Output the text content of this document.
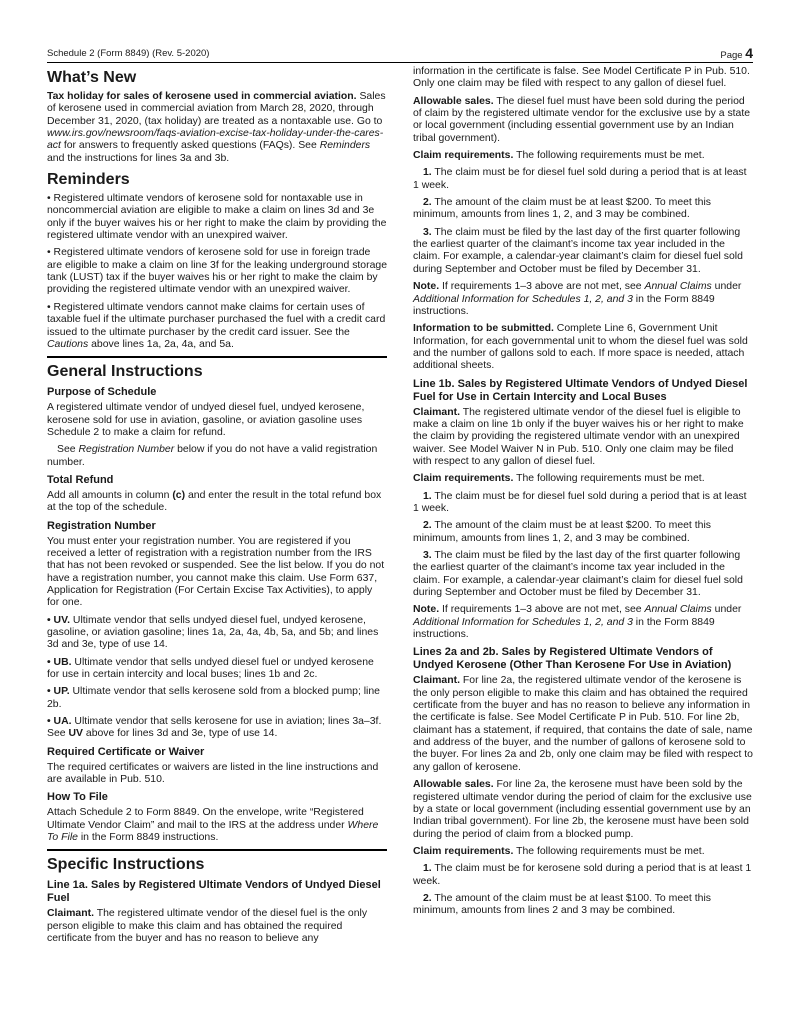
Schedule 2 (Form 8849) (Rev. 5-2020)	Page 4
What’s New

Tax holiday for sales of kerosene used in commercial aviation. Sales of kerosene used in commercial aviation from March 28, 2020, through December 31, 2020, (tax holiday) are treated as a nontaxable use. Go to www.irs.gov/newsroom/faqs-aviation-excise-tax-holiday-under-the-cares-act for answers to frequently asked questions (FAQs). See Reminders and the instructions for lines 3a and 3b.

Reminders

• Registered ultimate vendors of kerosene sold for nontaxable use in noncommercial aviation are eligible to make a claim on lines 3d and 3e only if the buyer waives his or her right to make the claim by providing the registered ultimate vendor with an unexpired waiver.

• Registered ultimate vendors of kerosene sold for use in foreign trade are eligible to make a claim on line 3f for the leaking underground storage tank (LUST) tax if the buyer waives his or her right to make the claim by providing the registered ultimate vendor with an unexpired waiver.

• Registered ultimate vendors cannot make claims for certain uses of taxable fuel if the ultimate purchaser purchased the fuel with a credit card issued to the ultimate purchaser by the credit card issuer. See the Cautions above lines 1a, 2a, 4a, and 5a.

General Instructions
Purpose of Schedule

A registered ultimate vendor of undyed diesel fuel, undyed kerosene, kerosene sold for use in aviation, gasoline, or aviation gasoline uses Schedule 2 to make a claim for refund.

See Registration Number below if you do not have a valid registration number.

Total Refund

Add all amounts in column (c) and enter the result in the total refund box at the top of the schedule.

Registration Number

You must enter your registration number. You are registered if you received a letter of registration with a registration number from the IRS that has not been revoked or suspended. See the list below. If you do not have a registration number, you cannot make this claim. Use Form 637, Application for Registration (For Certain Excise Tax Activities), to apply for one.

• UV. Ultimate vendor that sells undyed diesel fuel, undyed kerosene, gasoline, or aviation gasoline; lines 1a, 2a, 4a, 4b, 5a, and 5b; and lines 3d and 3e, type of use 14.

• UB. Ultimate vendor that sells undyed diesel fuel or undyed kerosene for use in certain intercity and local buses; lines 1b and 2c.

• UP. Ultimate vendor that sells kerosene sold from a blocked pump; line 2b.

• UA. Ultimate vendor that sells kerosene for use in aviation; lines 3a–3f. See UV above for lines 3d and 3e, type of use 14.

Required Certificate or Waiver

The required certificates or waivers are listed in the line instructions and are available in Pub. 510.

How To File

Attach Schedule 2 to Form 8849. On the envelope, write “Registered Ultimate Vendor Claim” and mail to the IRS at the address under Where To File in the Form 8849 instructions.

Specific Instructions
Line 1a. Sales by Registered Ultimate Vendors of Undyed Diesel Fuel

Claimant. The registered ultimate vendor of the diesel fuel is the only person eligible to make this claim and has obtained the required certificate from the buyer and has no reason to believe any

information in the certificate is false. See Model Certificate P in Pub. 510. Only one claim may be filed with respect to any gallon of diesel fuel.

Allowable sales. The diesel fuel must have been sold during the period of claim by the registered ultimate vendor for the exclusive use by a state or local government (including essential government use by an Indian tribal government).

Claim requirements. The following requirements must be met.

1. The claim must be for diesel fuel sold during a period that is at least 1 week.

2. The amount of the claim must be at least $200. To meet this minimum, amounts from lines 1, 2, and 3 may be combined.

3. The claim must be filed by the last day of the first quarter following the earliest quarter of the claimant’s income tax year included in the claim. For example, a calendar-year claimant’s claim for diesel fuel sold during September and October must be filed by December 31.

Note. If requirements 1–3 above are not met, see Annual Claims under Additional Information for Schedules 1, 2, and 3 in the Form 8849 instructions.

Information to be submitted. Complete Line 6, Government Unit Information, for each governmental unit to whom the diesel fuel was sold and the number of gallons sold to each. If more space is needed, attach additional sheets.

Line 1b. Sales by Registered Ultimate Vendors of Undyed Diesel Fuel for Use in Certain Intercity and Local Buses

Claimant. The registered ultimate vendor of the diesel fuel is eligible to make a claim on line 1b only if the buyer waives his or her right to make the claim by providing the registered ultimate vendor with an unexpired waiver. See Model Waiver N in Pub. 510. Only one claim may be filed with respect to any gallon of diesel fuel.

Claim requirements. The following requirements must be met.

1. The claim must be for diesel fuel sold during a period that is at least 1 week.

2. The amount of the claim must be at least $200. To meet this minimum, amounts from lines 1, 2, and 3 may be combined.

3. The claim must be filed by the last day of the first quarter following the earliest quarter of the claimant’s income tax year included in the claim. For example, a calendar-year claimant’s claim for diesel fuel sold during September and October must be filed by December 31.

Note. If requirements 1–3 above are not met, see Annual Claims under Additional Information for Schedules 1, 2, and 3 in the Form 8849 instructions.

Lines 2a and 2b. Sales by Registered Ultimate Vendors of Undyed Kerosene (Other Than Kerosene For Use in Aviation)

Claimant. For line 2a, the registered ultimate vendor of the kerosene is the only person eligible to make this claim and has obtained the required certificate from the buyer and has no reason to believe any information in the certificate is false. See Model Certificate P in Pub. 510. For line 2b, claimant has a statement, if required, that contains the date of sale, name and address of the buyer, and the number of gallons of kerosene sold to the buyer. For lines 2a and 2b, only one claim may be filed with respect to any gallon of kerosene.

Allowable sales. For line 2a, the kerosene must have been sold by the registered ultimate vendor during the period of claim for the exclusive use by a state or local government (including essential government use by an Indian tribal government). For line 2b, the kerosene must have been sold during the period of claim from a blocked pump.

Claim requirements. The following requirements must be met.

1. The claim must be for kerosene sold during a period that is at least 1 week.

2. The amount of the claim must be at least $100. To meet this minimum, amounts from lines 2 and 3 may be combined.
